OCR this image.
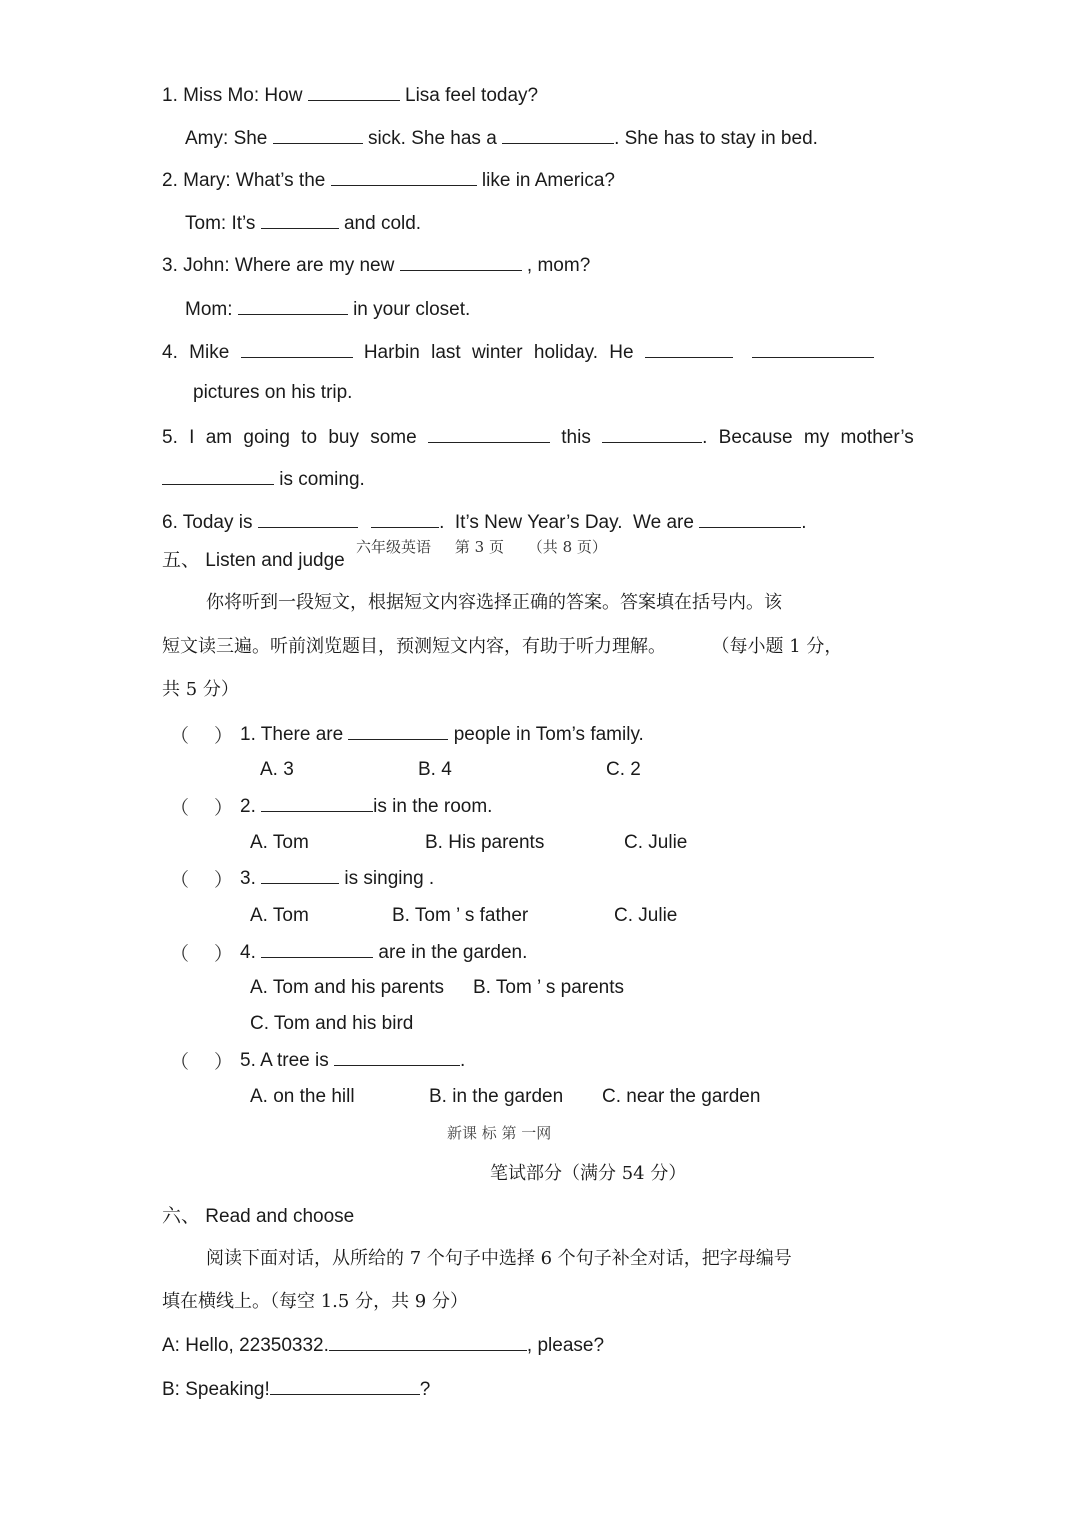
1. Miss Mo: How	Lisa feel today?
Amy: She	sick. She has a	. She has to stay in bed.
2. Mary: What’s the	like in America?
Tom: It’s	and cold.
3. John: Where are my new	, mom?
Mom:	in your closet.
4. Mike	Harbin last winter holiday. He
pictures on his trip.
5. I am going to buy some	this	. Because my mother’s
is coming.
6. Today is	. It’s New Year’s Day. We are	.
六年级英语 第 3 页 （共 8 页）
五、 Listen and judge
你将听到一段短文，根据短文内容选择正确的答案。答案填在括号内。该
短文读三遍。听前浏览题目，预测短文内容，有助于听力理解。	（每小题 1 分，
共 5 分）
（ ） 1. There are	people in Tom’s family.
A. 3	B. 4	C. 2
（ ） 2.	is in the room.
A. Tom	B. His parents	C. Julie
（ ） 3.	is singing .
A. Tom	B. Tom ’ s father	C. Julie
（ ） 4.	are in the garden.
A. Tom and his parents B. Tom ’ s parents
C. Tom and his bird
（ ） 5. A tree is	.
A. on the hill	B. in the garden C. near the garden
新课 标 第 一网
笔试部分（满分 54 分）
六、 Read and choose
阅读下面对话，从所给的 7 个句子中选择 6 个句子补全对话，把字母编号
填在横线上。（每空 1.5 分，共 9 分）
A: Hello, 22350332.	, please?
B: Speaking!	?
